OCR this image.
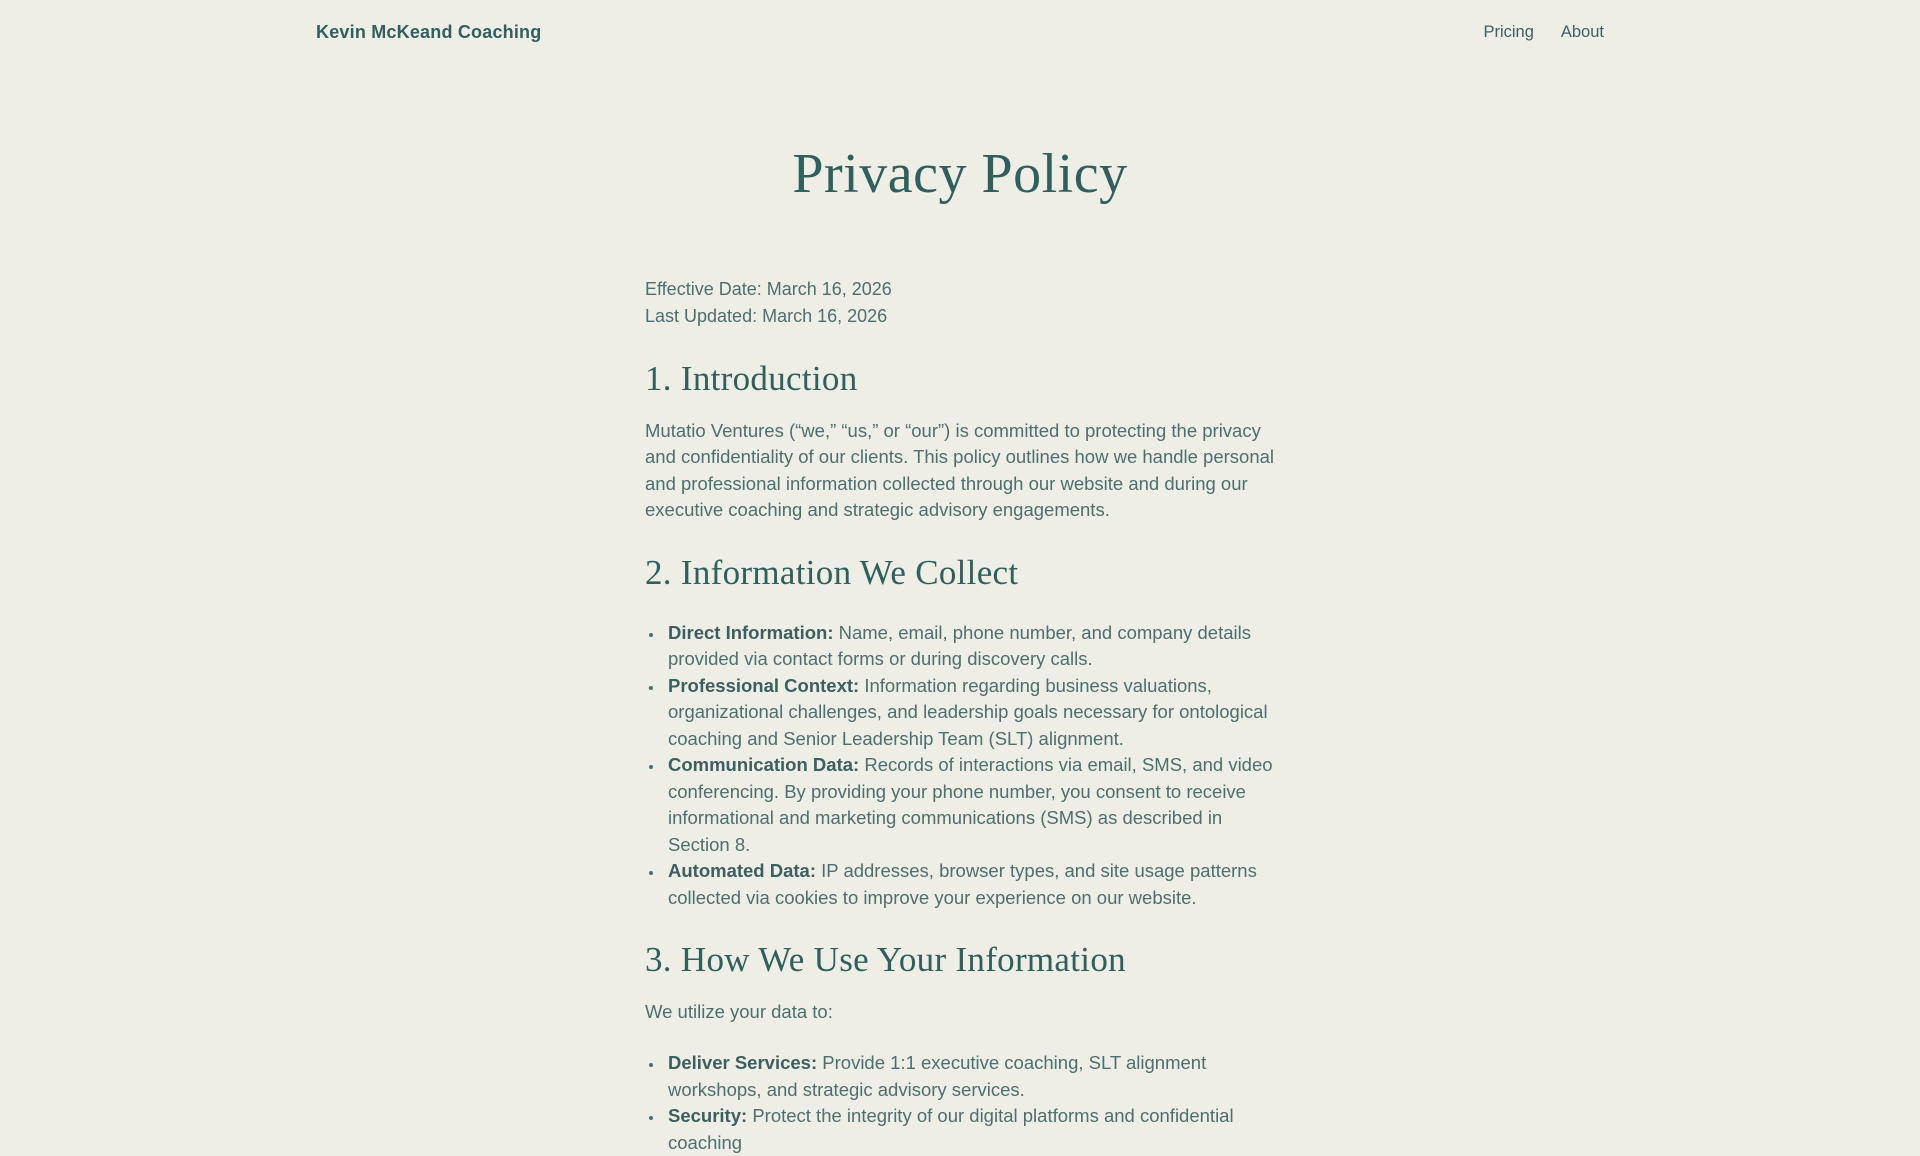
Kevin McKeand Coaching	Pricing About
Privacy Policy
Effective Date: March 16, 2026
Last Updated: March 16, 2026
1. Introduction

Mutatio Ventures (“we,” “us,” or “our”) is committed to protecting the privacy and confidentiality of our clients. This policy outlines how we handle personal and professional information collected through our website and during our executive coaching and strategic advisory engagements.

2. Information We Collect
• Direct Information: Name, email, phone number, and company details provided via contact forms or during discovery calls.
• Professional Context: Information regarding business valuations, organizational challenges, and leadership goals necessary for ontological coaching and Senior Leadership Team (SLT) alignment.
• Communication Data: Records of interactions via email, SMS, and video conferencing. By providing your phone number, you consent to receive informational and marketing communications (SMS) as described in Section 8.
• Automated Data: IP addresses, browser types, and site usage patterns collected via cookies to improve your experience on our website.
3. How We Use Your Information

We utilize your data to:

• Deliver Services: Provide 1:1 executive coaching, SLT alignment workshops, and strategic advisory services.
• Security: Protect the integrity of our digital platforms and confidential coaching
